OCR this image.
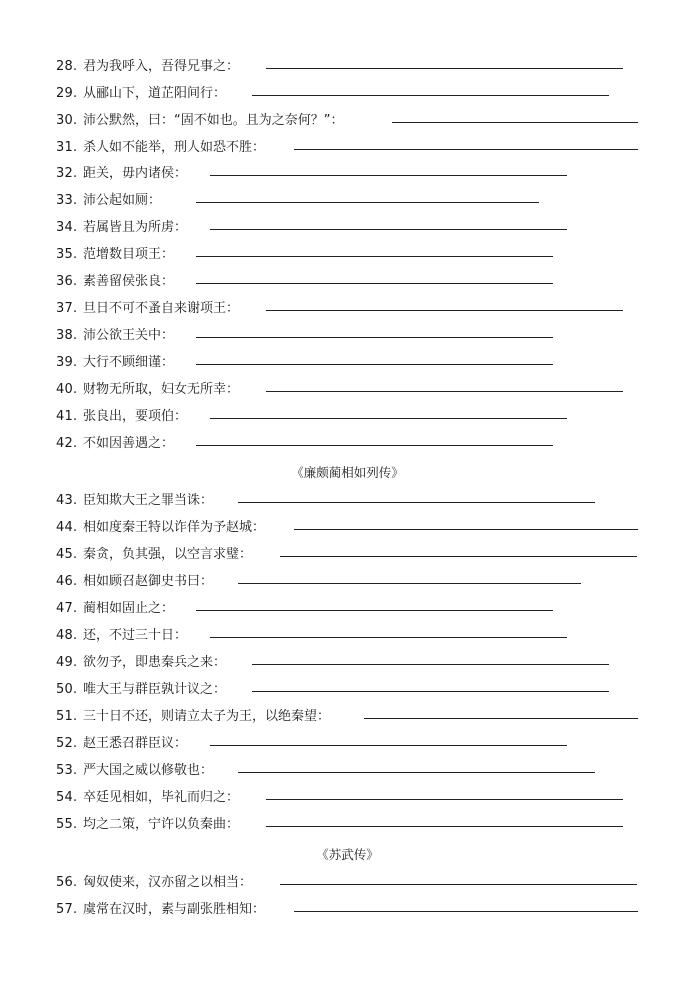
28. 君为我呼入，吾得兄事之：
29. 从郦山下，道芷阳间行：
30. 沛公默然，曰：“固不如也。且为之奈何？”：
31. 杀人如不能举，刑人如恐不胜：
32. 距关，毋内诸侯：
33. 沛公起如厕：
34. 若属皆且为所虏：
35. 范增数目项王：
36. 素善留侯张良：
37. 旦日不可不蚤自来谢项王：
38. 沛公欲王关中：
39. 大行不顾细谨：
40. 财物无所取，妇女无所幸：
41. 张良出，要项伯：
42. 不如因善遇之：
《廉颇蔺相如列传》
43. 臣知欺大王之罪当诛：
44. 相如度秦王特以诈佯为予赵城：
45. 秦贪，负其强，以空言求璧：
46. 相如顾召赵御史书曰：
47. 蔺相如固止之：
48. 还，不过三十日：
49. 欲勿予，即患秦兵之来：
50. 唯大王与群臣孰计议之：
51. 三十日不还，则请立太子为王，以绝秦望：
52. 赵王悉召群臣议：
53. 严大国之威以修敬也：
54. 卒廷见相如，毕礼而归之：
55. 均之二策，宁许以负秦曲：
《苏武传》
56. 匈奴使来，汉亦留之以相当：
57. 虞常在汉时，素与副张胜相知：
